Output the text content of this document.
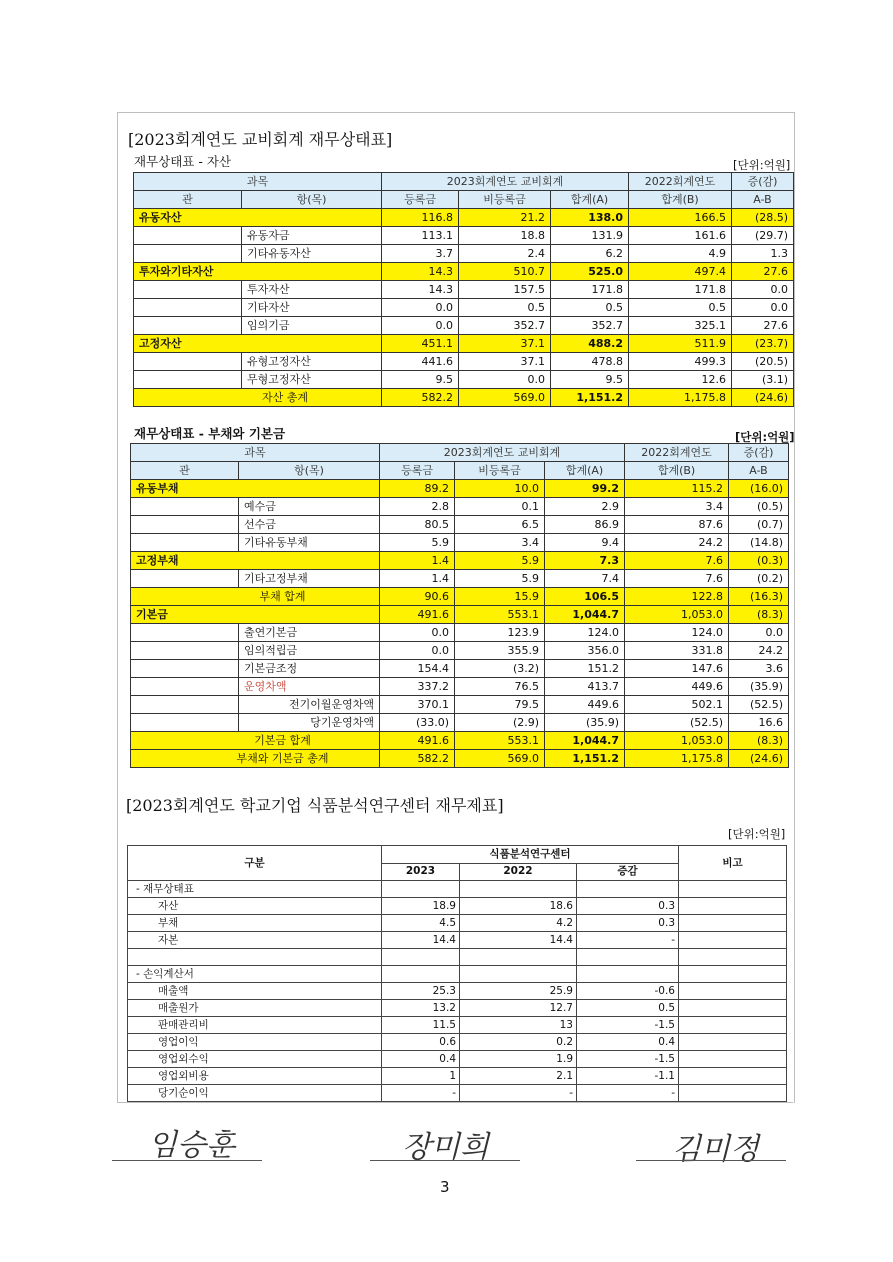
[2023회계연도 교비회계 재무상태표]
재무상태표 - 자산	[단위:억원]
과목		2023회계연도 교비회계			2022회계연도	증(감)
관	항(목)	등록금	비등록금	합계(A)	합계(B)	A-B
유동자산		116.8	21.2	138.0	166.5	(28.5)
	유동자금	113.1	18.8	131.9	161.6	(29.7)
	기타유동자산	3.7	2.4	6.2	4.9	1.3
투자와기타자산		14.3	510.7	525.0	497.4	27.6
	투자자산	14.3	157.5	171.8	171.8	0.0
	기타자산	0.0	0.5	0.5	0.5	0.0
	임의기금	0.0	352.7	352.7	325.1	27.6
고정자산		451.1	37.1	488.2	511.9	(23.7)
	유형고정자산	441.6	37.1	478.8	499.3	(20.5)
	무형고정자산	9.5	0.0	9.5	12.6	(3.1)
자산 총계		582.2	569.0	1,151.2	1,175.8	(24.6)
재무상태표 - 부채와 기본금	[단위:억원]
과목		2023회계연도 교비회계			2022회계연도	증(감)
관	항(목)	등록금	비등록금	합계(A)	합계(B)	A-B
유동부채		89.2	10.0	99.2	115.2	(16.0)
	예수금	2.8	0.1	2.9	3.4	(0.5)
	선수금	80.5	6.5	86.9	87.6	(0.7)
	기타유동부채	5.9	3.4	9.4	24.2	(14.8)
고정부채		1.4	5.9	7.3	7.6	(0.3)
	기타고정부채	1.4	5.9	7.4	7.6	(0.2)
부채 합계		90.6	15.9	106.5	122.8	(16.3)
기본금		491.6	553.1	1,044.7	1,053.0	(8.3)
	출연기본금	0.0	123.9	124.0	124.0	0.0
	임의적립금	0.0	355.9	356.0	331.8	24.2
	기본금조정	154.4	(3.2)	151.2	147.6	3.6
	운영차액	337.2	76.5	413.7	449.6	(35.9)
	전기이월운영차액	370.1	79.5	449.6	502.1	(52.5)
	당기운영차액	(33.0)	(2.9)	(35.9)	(52.5)	16.6
기본금 합계		491.6	553.1	1,044.7	1,053.0	(8.3)
부채와 기본금 총계		582.2	569.0	1,151.2	1,175.8	(24.6)
[2023회계연도 학교기업 식품분석연구센터 재무제표]
[단위:억원]
구분	식품분석연구센터			비고
	2023	2022	증감	
- 재무상태표				
자산	18.9	18.6	0.3	
부채	4.5	4.2	0.3	
자본	14.4	14.4	-	

- 손익계산서				
매출액	25.3	25.9	-0.6	
매출원가	13.2	12.7	0.5	
판매관리비	11.5	13	-1.5	
영업이익	0.6	0.2	0.4	
영업외수익	0.4	1.9	-1.5	
영업외비용	1	2.1	-1.1	
당기순이익	-	-	-	
임승훈	장미희	김미정
3
